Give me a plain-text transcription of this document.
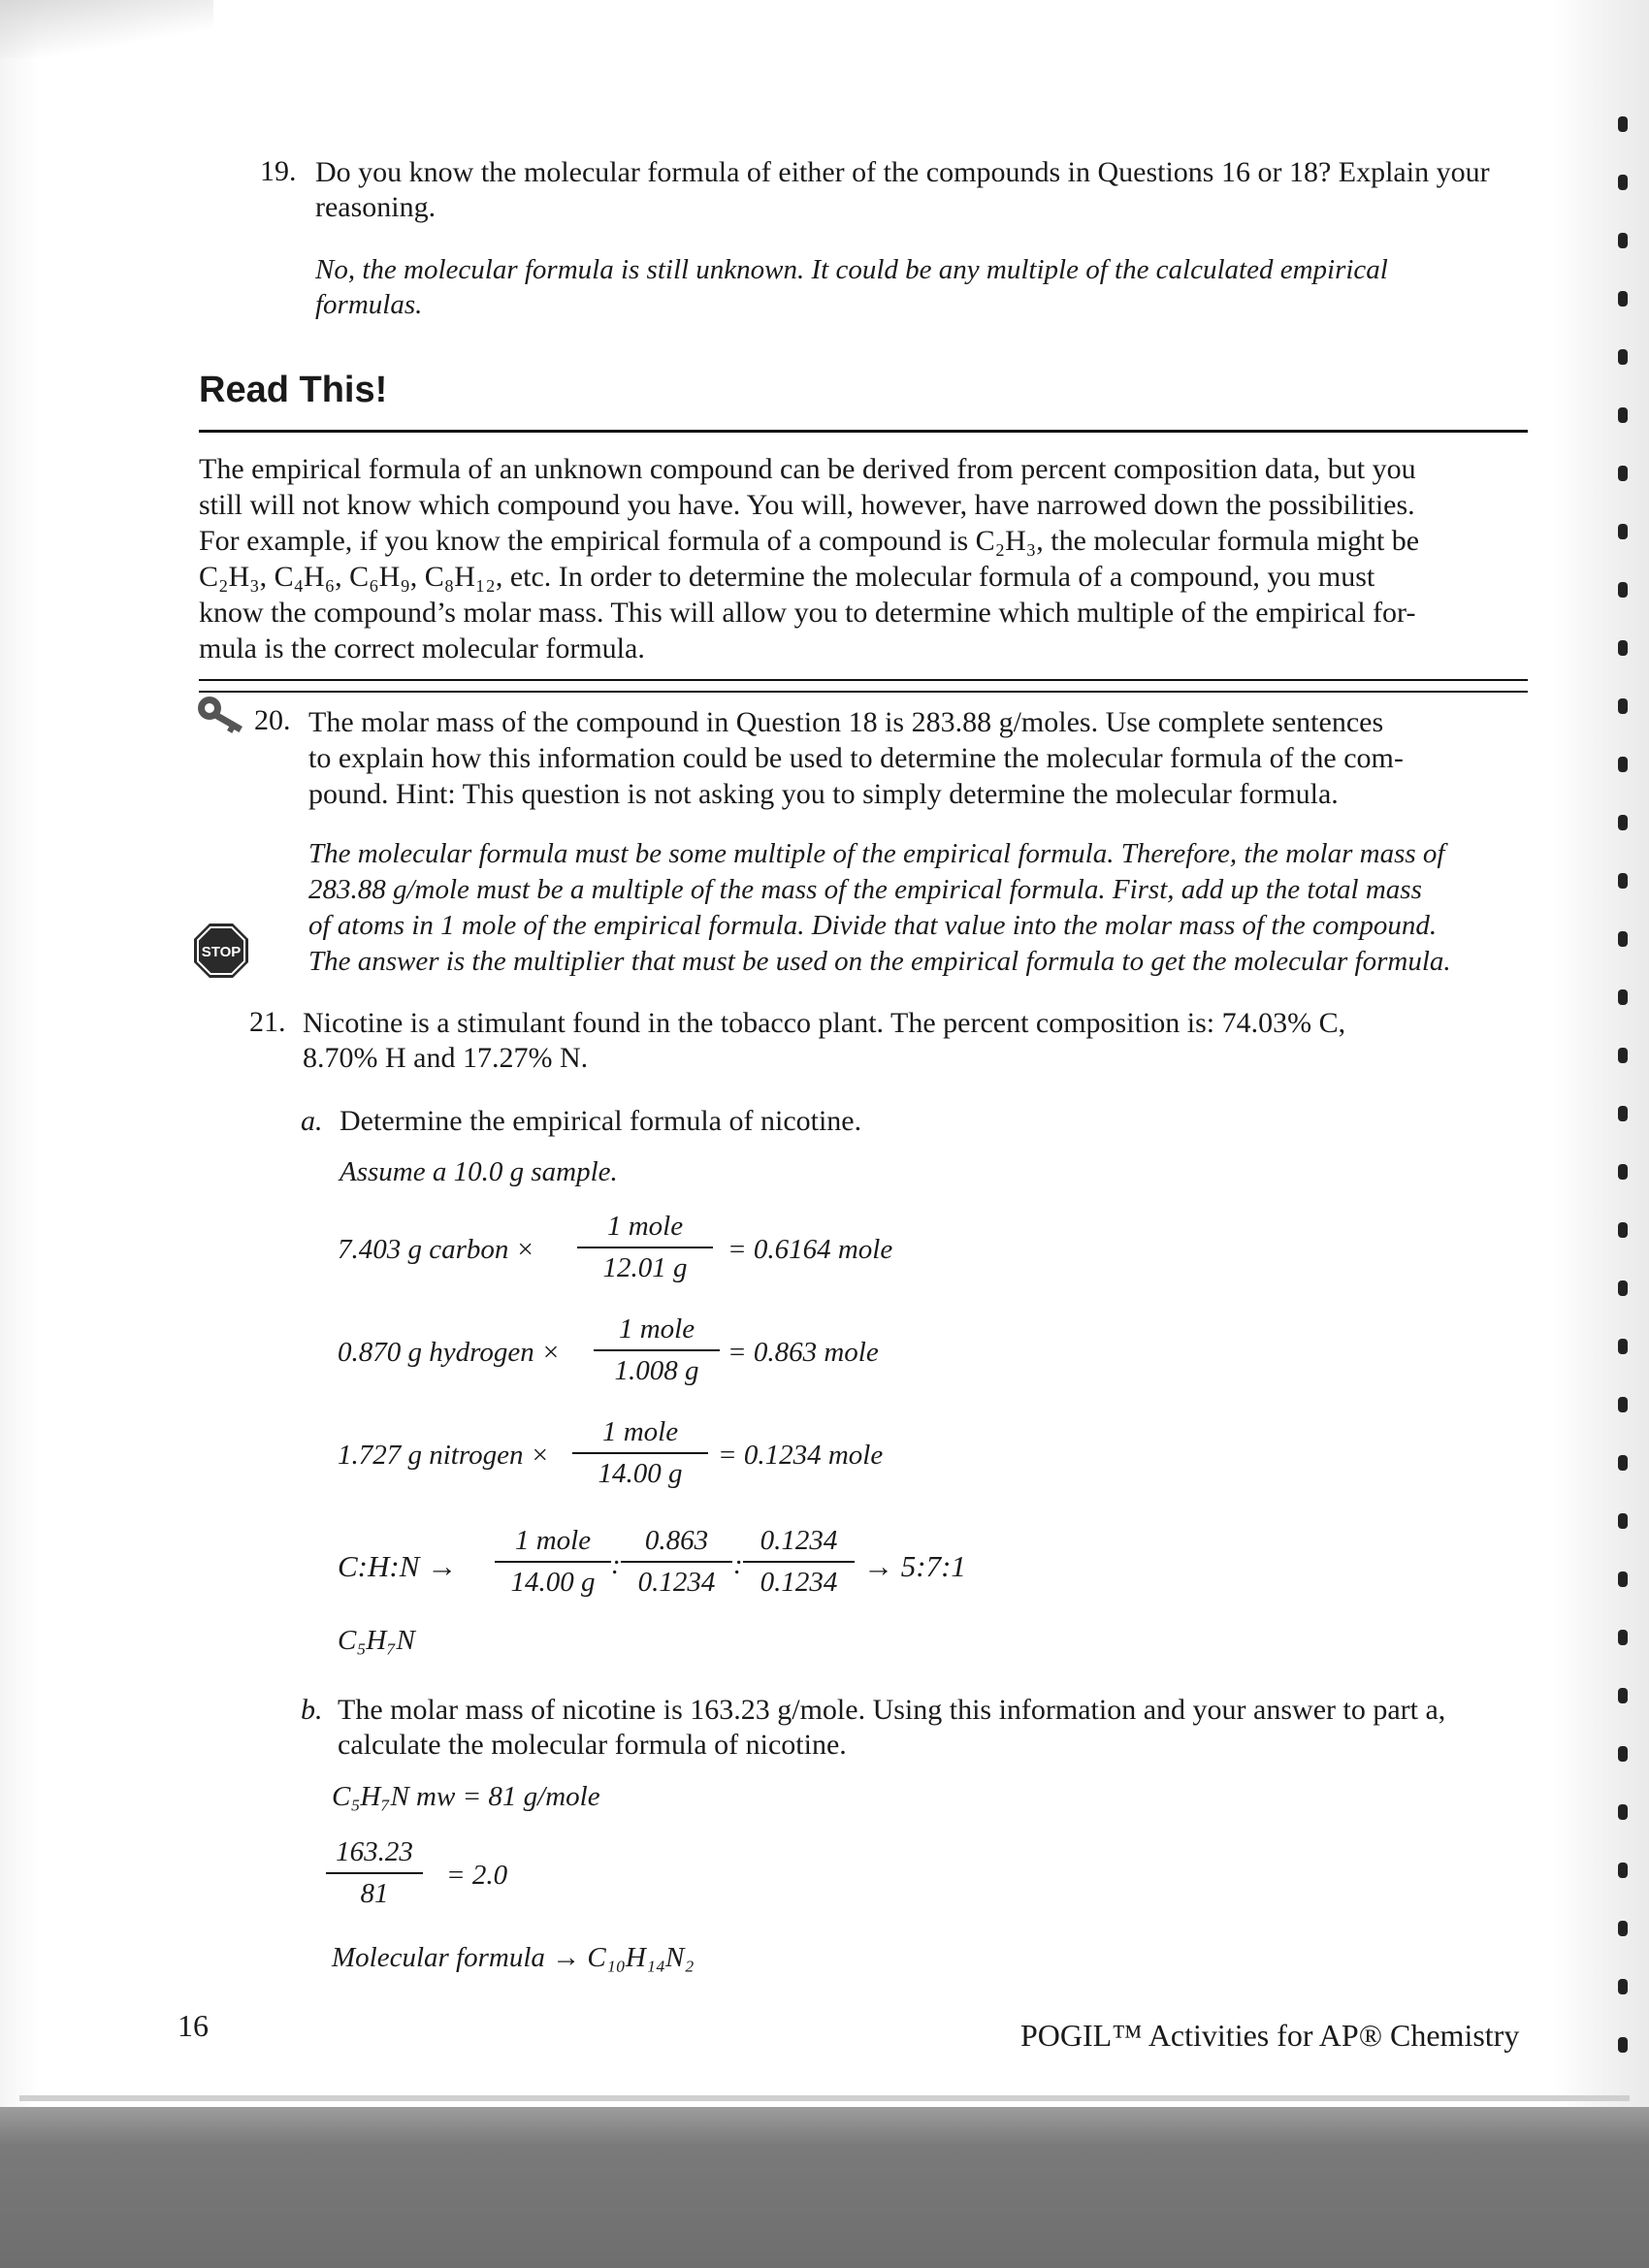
19. Do you know the molecular formula of either of the compounds in Questions 16 or 18? Explain your reasoning.
No, the molecular formula is still unknown. It could be any multiple of the calculated empirical formulas.
Read This!
The empirical formula of an unknown compound can be derived from percent composition data, but you
still will not know which compound you have. You will, however, have narrowed down the possibilities.
For example, if you know the empirical formula of a compound is C₂H₃, the molecular formula might be
C₂H₃, C₄H₆, C₆H₉, C₈H₁₂, etc. In order to determine the molecular formula of a compound, you must
know the compound’s molar mass. This will allow you to determine which multiple of the empirical for-
mula is the correct molecular formula.
20. The molar mass of the compound in Question 18 is 283.88 g/moles. Use complete sentences
to explain how this information could be used to determine the molecular formula of the com-
pound. Hint: This question is not asking you to simply determine the molecular formula.
The molecular formula must be some multiple of the empirical formula. Therefore, the molar mass of
283.88 g/mole must be a multiple of the mass of the empirical formula. First, add up the total mass
of atoms in 1 mole of the empirical formula. Divide that value into the molar mass of the compound.
The answer is the multiplier that must be used on the empirical formula to get the molecular formula.
STOP
21. Nicotine is a stimulant found in the tobacco plant. The percent composition is: 74.03% C,
8.70% H and 17.27% N.
a. Determine the empirical formula of nicotine.
Assume a 10.0 g sample.
7.403 g carbon ×
1 mole
12.01 g
= 0.6164 mole
0.870 g hydrogen ×
1 mole
1.008 g
= 0.863 mole
1.727 g nitrogen ×
1 mole
14.00 g
= 0.1234 mole
C:H:N →
1 mole
14.00 g
:
0.863
0.1234
:
0.1234
0.1234 → 5:7:1
C₅H₇N
b. The molar mass of nicotine is 163.23 g/mole. Using this information and your answer to part a,
calculate the molecular formula of nicotine.
C₅H₇N mw = 81 g/mole
163.23
81
= 2.0
Molecular formula → C₁₀H₁₄N₂
16	POGIL™ Activities for AP® Chemistry
